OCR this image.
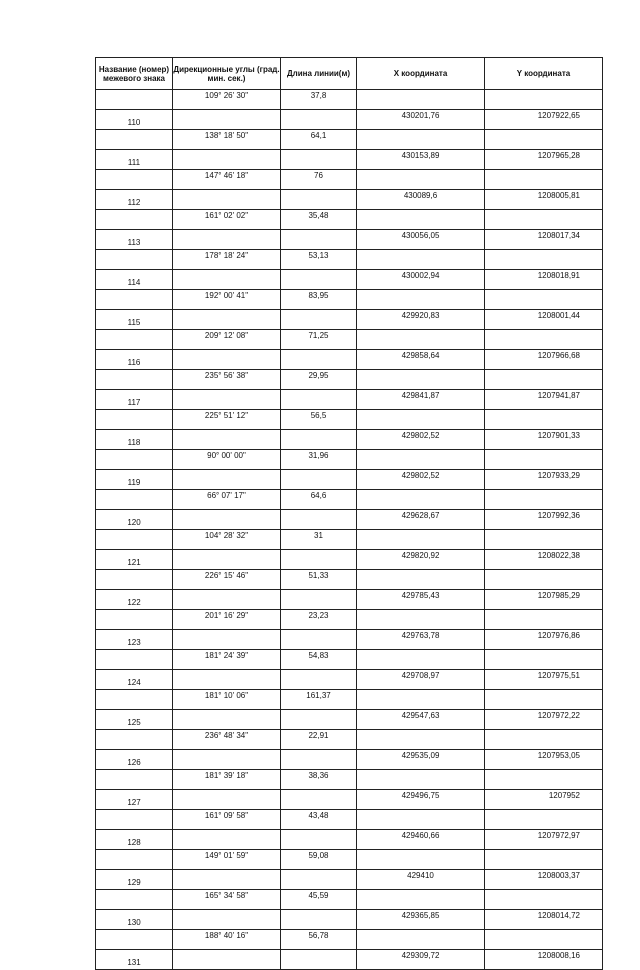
Название (номер) межевого знака	Дирекционные углы (град. мин. сек.)	Длина линии(м)	X координата	Y координата
	109° 26' 30"	37,8		
110			430201,76	1207922,65
	138° 18' 50"	64,1		
111			430153,89	1207965,28
	147° 46' 18"	76		
112			430089,6	1208005,81
	161° 02' 02"	35,48		
113			430056,05	1208017,34
	178° 18' 24"	53,13		
114			430002,94	1208018,91
	192° 00' 41"	83,95		
115			429920,83	1208001,44
	209° 12' 08"	71,25		
116			429858,64	1207966,68
	235° 56' 38"	29,95		
117			429841,87	1207941,87
	225° 51' 12"	56,5		
118			429802,52	1207901,33
	90° 00' 00"	31,96		
119			429802,52	1207933,29
	66° 07' 17"	64,6		
120			429628,67	1207992,36
	104° 28' 32"	31		
121			429820,92	1208022,38
	226° 15' 46"	51,33		
122			429785,43	1207985,29
	201° 16' 29"	23,23		
123			429763,78	1207976,86
	181° 24' 39"	54,83		
124			429708,97	1207975,51
	181° 10' 06"	161,37		
125			429547,63	1207972,22
	236° 48' 34"	22,91		
126			429535,09	1207953,05
	181° 39' 18"	38,36		
127			429496,75	1207952
	161° 09' 58"	43,48		
128			429460,66	1207972,97
	149° 01' 59"	59,08		
129			429410	1208003,37
	165° 34' 58"	45,59		
130			429365,85	1208014,72
	188° 40' 16"	56,78		
131			429309,72	1208008,16
